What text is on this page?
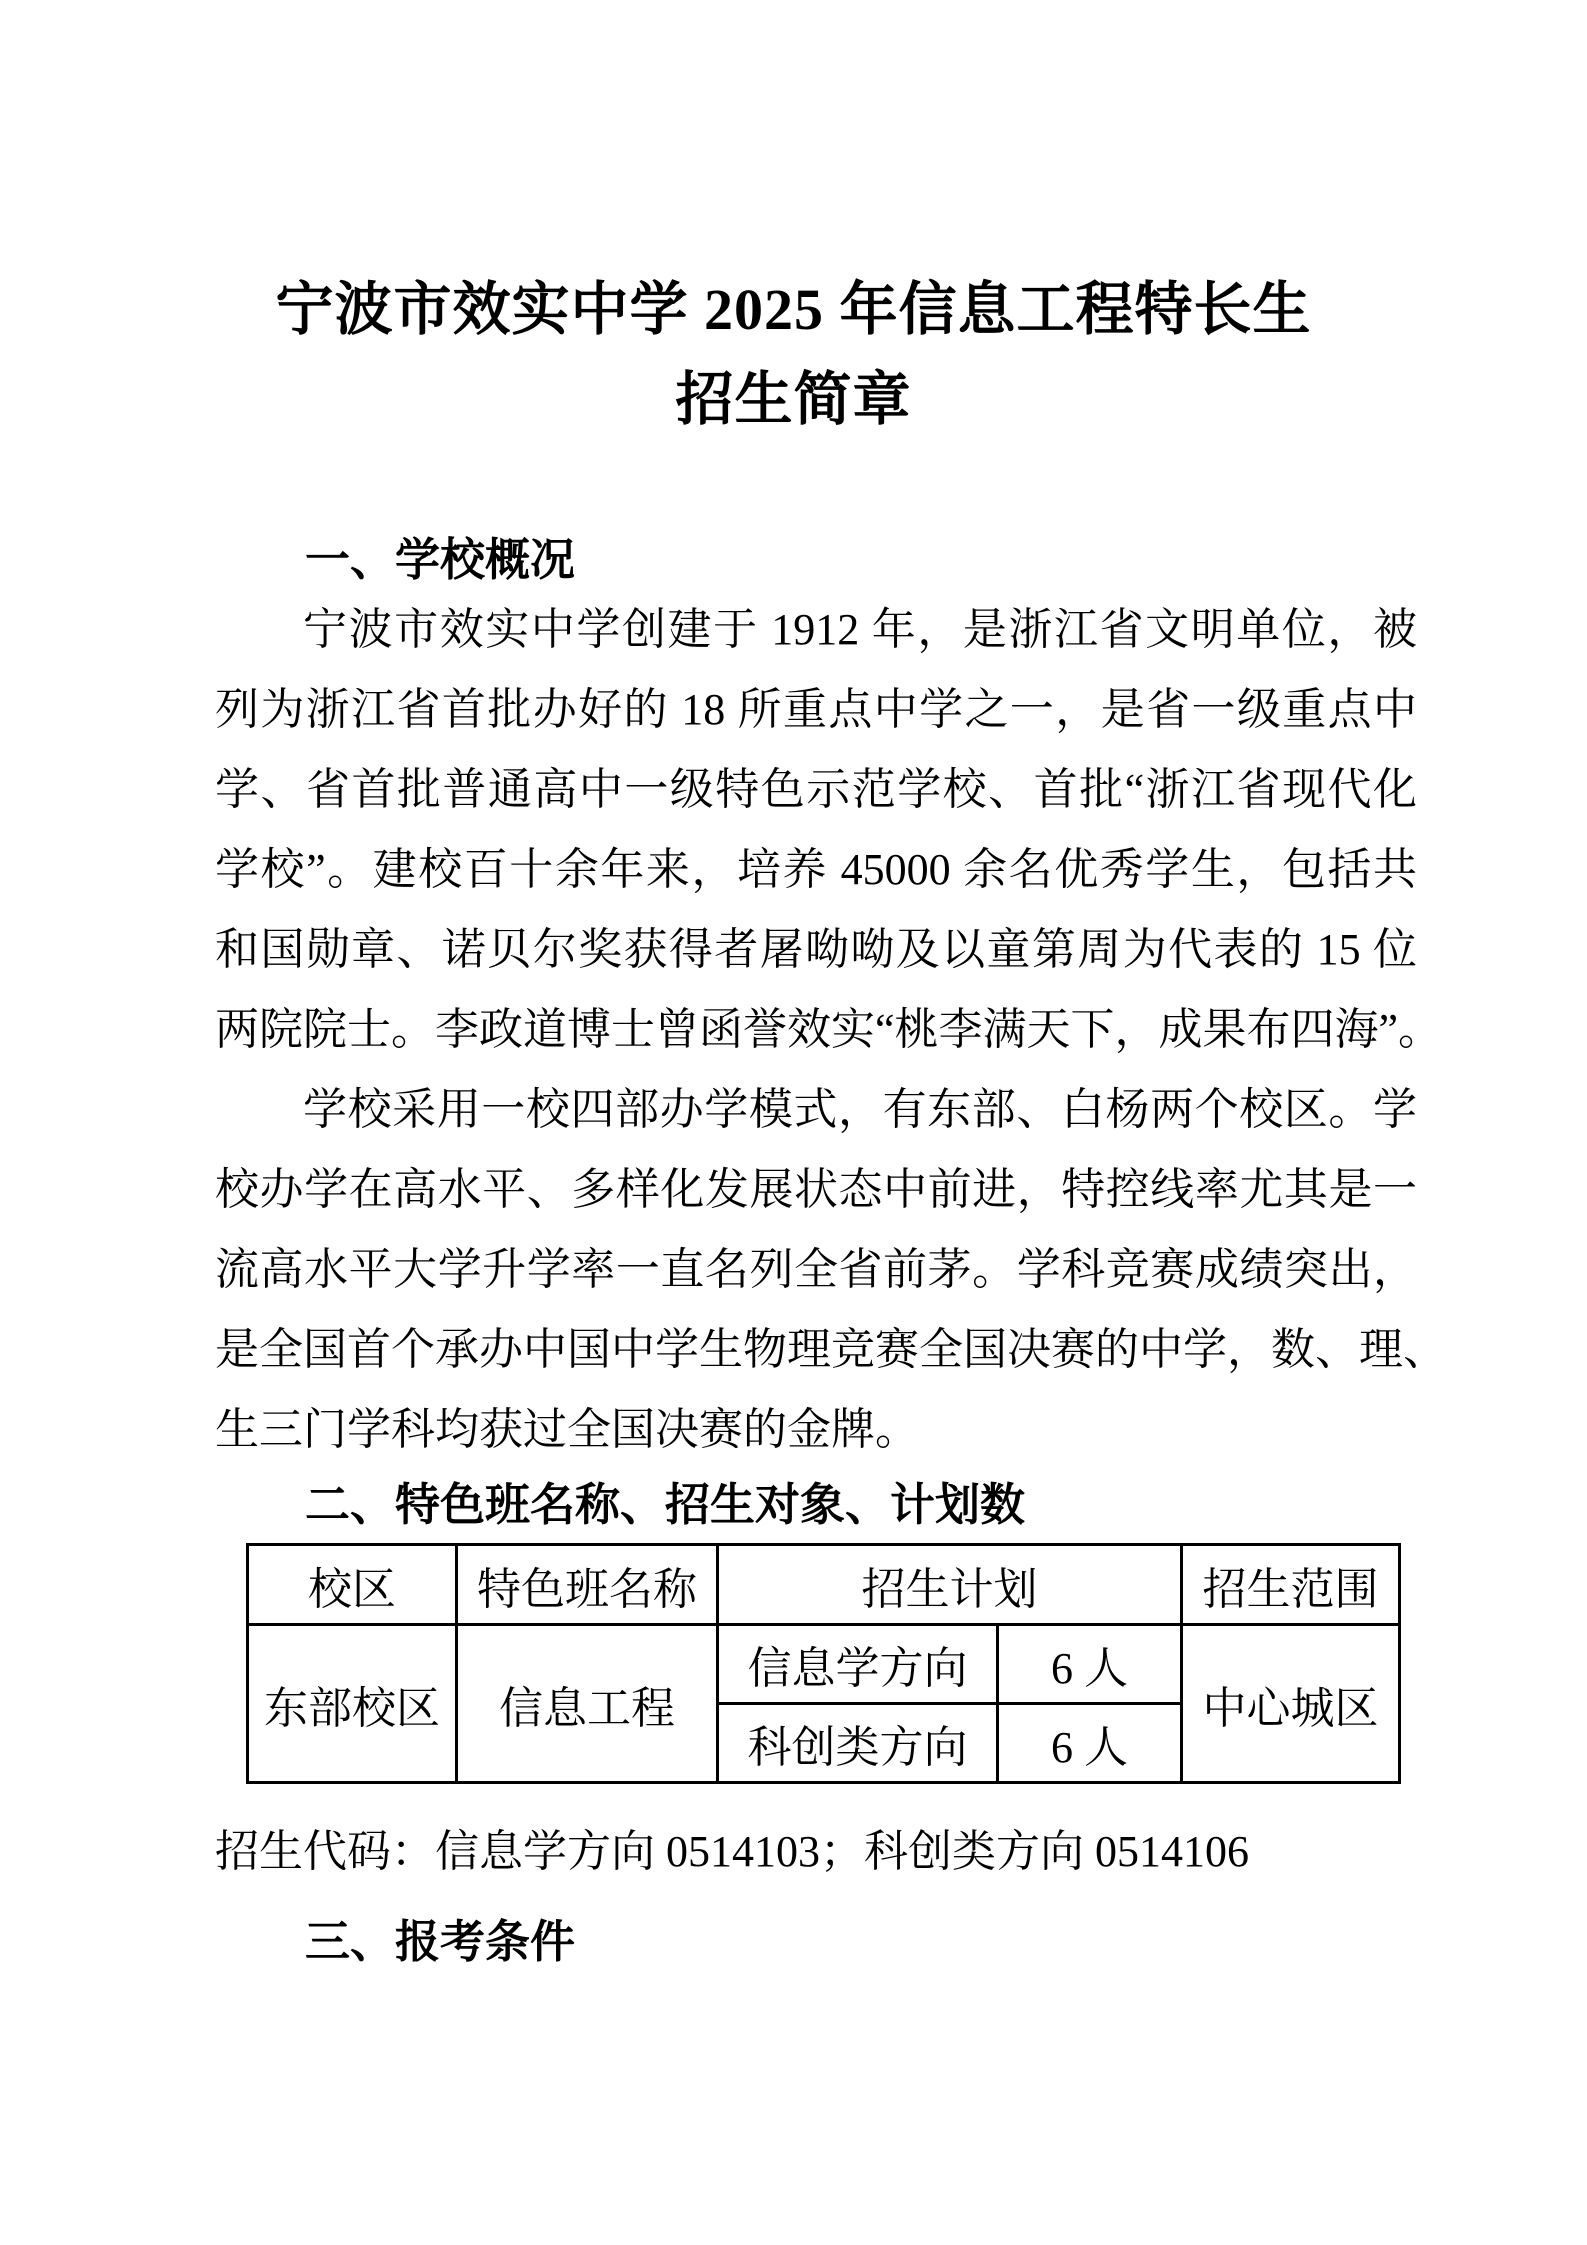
宁波市效实中学 2025 年信息工程特长生
招生简章
一、学校概况
宁波市效实中学创建于 1912 年，是浙江省文明单位，被
列为浙江省首批办好的 18 所重点中学之一，是省一级重点中
学、省首批普通高中一级特色示范学校、首批“浙江省现代化
学校”。建校百十余年来，培养 45000 余名优秀学生，包括共
和国勋章、诺贝尔奖获得者屠呦呦及以童第周为代表的 15 位
两院院士。李政道博士曾函誉效实“桃李满天下，成果布四海”。
学校采用一校四部办学模式，有东部、白杨两个校区。学
校办学在高水平、多样化发展状态中前进，特控线率尤其是一
流高水平大学升学率一直名列全省前茅。学科竞赛成绩突出，
是全国首个承办中国中学生物理竞赛全国决赛的中学，数、理、
生三门学科均获过全国决赛的金牌。
二、特色班名称、招生对象、计划数
校区	特色班名称	招生计划		招生范围
东部校区	信息工程	信息学方向	6 人	中心城区
		科创类方向	6 人	
招生代码：信息学方向 0514103；科创类方向 0514106
三、报考条件
